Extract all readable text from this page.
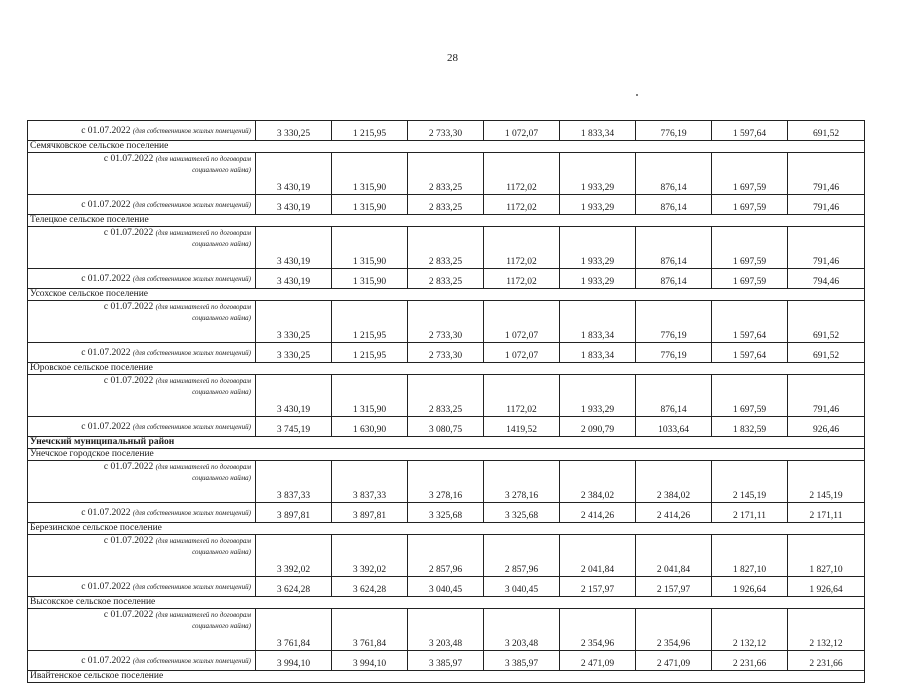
28
с 01.07.2022 (для собственников жилых помещений)	3 330,25	1 215,95	2 733,30	1 072,07	1 833,34	776,19	1 597,64	691,52
Семячковское сельское поселение								

с 01.07.2022 (для нанимателей по договорам
социального найма)	3 430,19	1 315,90	2 833,25	1172,02	1 933,29	876,14	1 697,59	791,46
с 01.07.2022 (для собственников жилых помещений)	3 430,19	1 315,90	2 833,25	1172,02	1 933,29	876,14	1 697,59	791,46
Телецкое сельское поселение								

с 01.07.2022 (для нанимателей по договорам
социального найма)	3 430,19	1 315,90	2 833,25	1172,02	1 933,29	876,14	1 697,59	791,46
с 01.07.2022 (для собственников жилых помещений)	3 430,19	1 315,90	2 833,25	1172,02	1 933,29	876,14	1 697,59	794,46
Усохское сельское поселение								

с 01.07.2022 (для нанимателей по договорам
социального найма)	3 330,25	1 215,95	2 733,30	1 072,07	1 833,34	776,19	1 597,64	691,52
с 01.07.2022 (для собственников жилых помещений)	3 330,25	1 215,95	2 733,30	1 072,07	1 833,34	776,19	1 597,64	691,52
Юровское сельское поселение								

с 01.07.2022 (для нанимателей по договорам
социального найма)	3 430,19	1 315,90	2 833,25	1172,02	1 933,29	876,14	1 697,59	791,46
с 01.07.2022 (для собственников жилых помещений)	3 745,19	1 630,90	3 080,75	1419,52	2 090,79	1033,64	1 832,59	926,46
Унечский муниципальный район								
Унечское городское поселение								

с 01.07.2022 (для нанимателей по договорам
социального найма)	3 837,33	3 837,33	3 278,16	3 278,16	2 384,02	2 384,02	2 145,19	2 145,19
с 01.07.2022 (для собственников жилых помещений)	3 897,81	3 897,81	3 325,68	3 325,68	2 414,26	2 414,26	2 171,11	2 171,11
Березинское сельское поселение								

с 01.07.2022 (для нанимателей по договорам
социального найма)	3 392,02	3 392,02	2 857,96	2 857,96	2 041,84	2 041,84	1 827,10	1 827,10
с 01.07.2022 (для собственников жилых помещений)	3 624,28	3 624,28	3 040,45	3 040,45	2 157,97	2 157,97	1 926,64	1 926,64
Высокское сельское поселение								

с 01.07.2022 (для нанимателей по договорам
социального найма)	3 761,84	3 761,84	3 203,48	3 203,48	2 354,96	2 354,96	2 132,12	2 132,12
с 01.07.2022 (для собственников жилых помещений)	3 994,10	3 994,10	3 385,97	3 385,97	2 471,09	2 471,09	2 231,66	2 231,66
Ивайтенское сельское поселение								
